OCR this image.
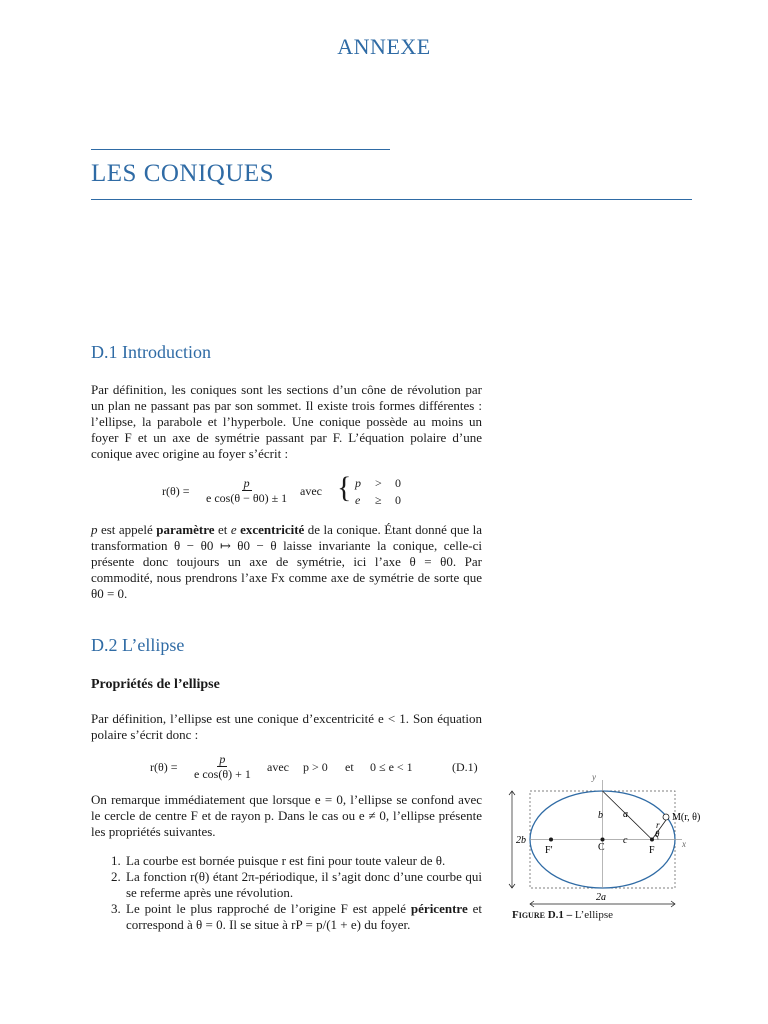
ANNEXE
LES CONIQUES
D.1 Introduction
Par définition, les coniques sont les sections d’un cône de révolution par un plan ne passant pas par son sommet. Il existe trois formes différentes : l’ellipse, la parabole et l’hyperbole. Une conique possède au moins un foyer F et un axe de symétrie passant par F. L’équation polaire d’une conique avec origine au foyer s’écrit :
$r(\theta) = \frac{p}{\text{e cos(θ − θ0) ± 1}}$ avec { p > 0
e ≥ 0
p est appelé paramètre et e excentricité de la conique. Étant donné que la transformation θ − θ0 ↦ θ0 − θ laisse invariante la conique, celle-ci présente donc toujours un axe de symétrie, ici l’axe θ = θ0. Par commodité, nous prendrons l’axe Fx comme axe de symétrie de sorte que θ0 = 0.
D.2 L’ellipse
Propriétés de l’ellipse
Par définition, l’ellipse est une conique d’excentricité e < 1. Son équation polaire s’écrit donc :
$r(\theta) = \frac{p}{\text{e cos(θ) + 1}}$ avec p > 0 et 0 ≤ e < 1	(D.1)
On remarque immédiatement que lorsque e = 0, l’ellipse se confond avec le cercle de centre F et de rayon p. Dans le cas ou e ≠ 0, l’ellipse présente les propriétés suivantes.
1. La courbe est bornée puisque r est fini pour toute valeur de θ.
2. La fonction r(θ) étant 2π-périodique, il s’agit donc d’une courbe qui se referme après une révolution.
3. Le point le plus rapproché de l’origine F est appelé péricentre et correspond à θ = 0. Il se situe à rP = p/(1 + e) du foyer.
y
x
b a
c
2b
2a
F′	C	F
M(r, θ)
r
θ
Figure D.1 – L’ellipse
